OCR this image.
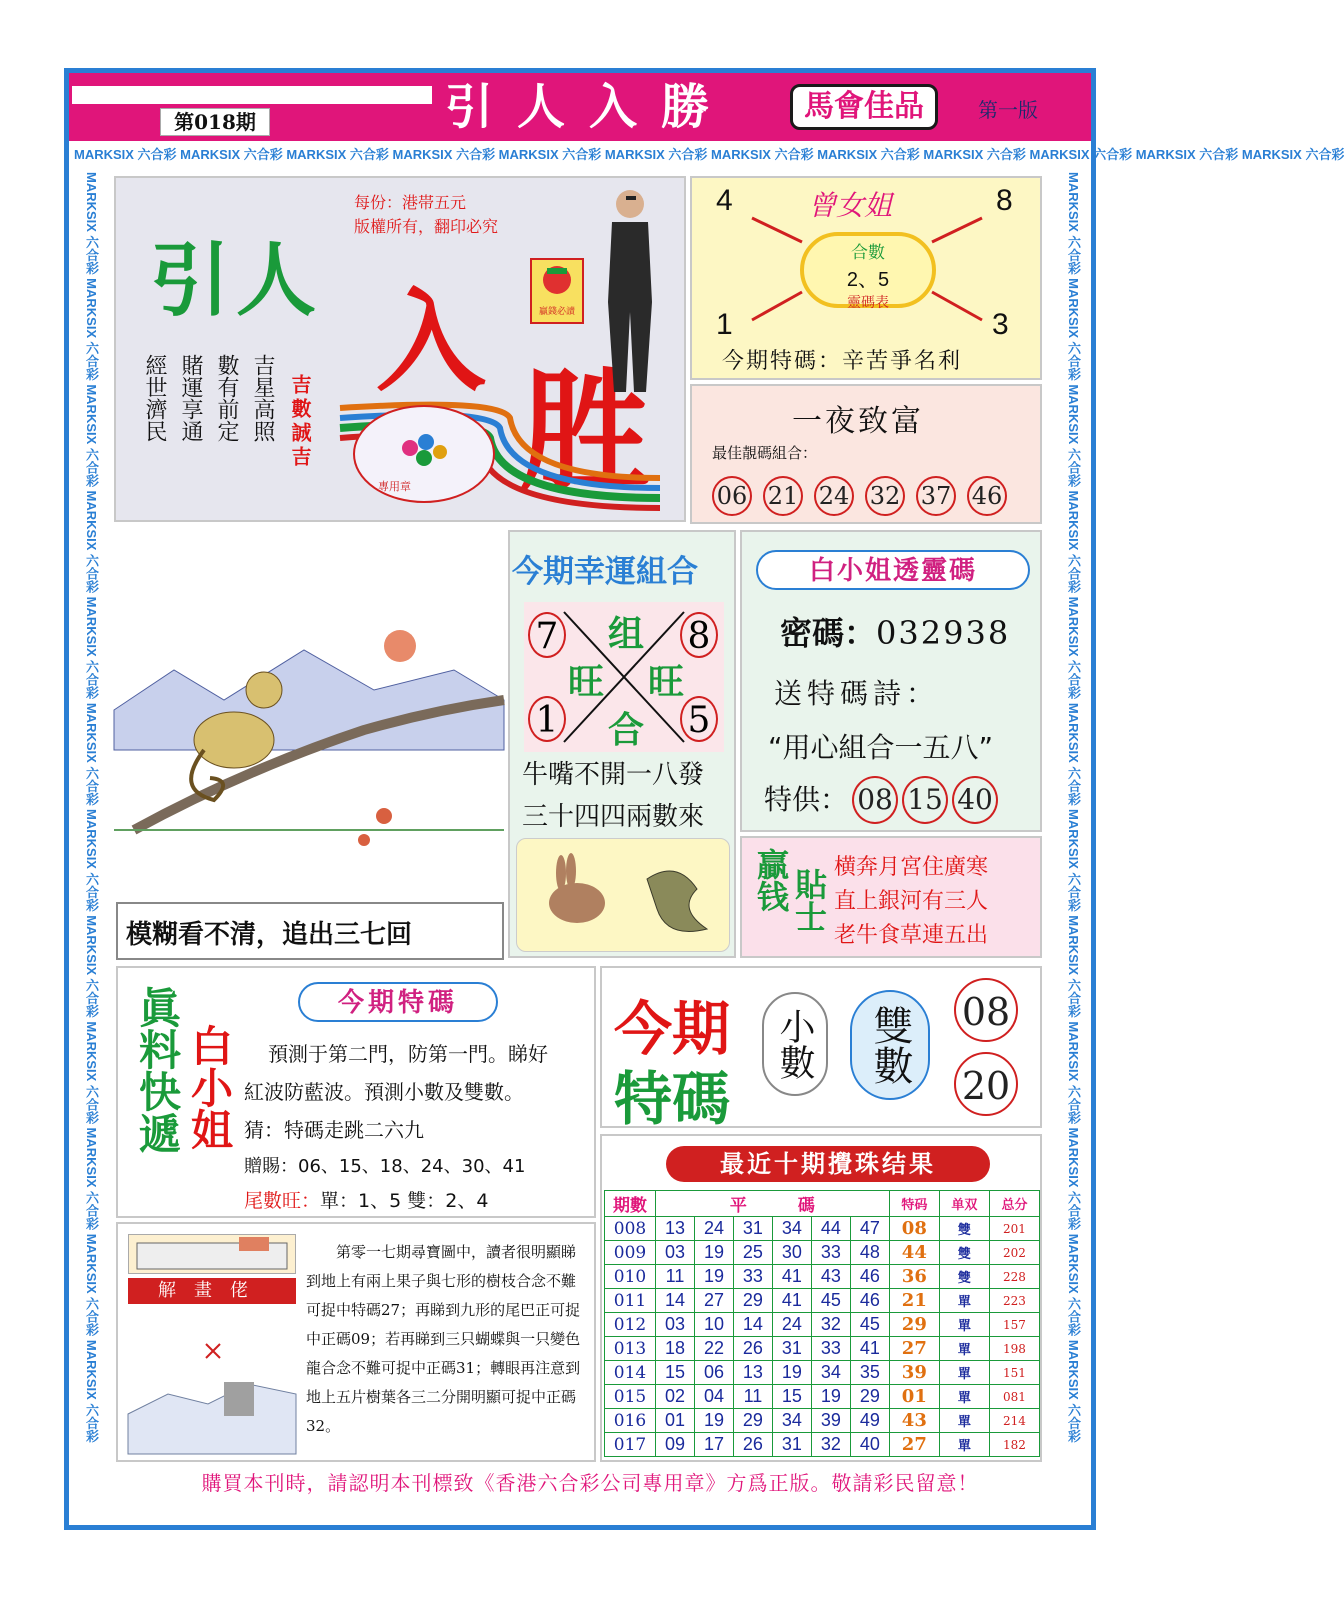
第018期	引人入勝	馬會佳品	第一版
MARKSIX 六合彩 MARKSIX 六合彩 MARKSIX 六合彩 MARKSIX 六合彩 MARKSIX 六合彩 MARKSIX 六合彩 MARKSIX 六合彩 MARKSIX 六合彩 MARKSIX 六合彩 MARKSIX 六合彩 MARKSIX 六合彩 MARKSIX 六合彩
MARKSIX 六合彩 MARKSIX 六合彩 MARKSIX 六合彩 MARKSIX 六合彩 MARKSIX 六合彩 MARKSIX 六合彩 MARKSIX 六合彩 MARKSIX 六合彩 MARKSIX 六合彩 MARKSIX 六合彩 MARKSIX 六合彩 MARKSIX 六合彩	MARKSIX 六合彩 MARKSIX 六合彩 MARKSIX 六合彩 MARKSIX 六合彩 MARKSIX 六合彩 MARKSIX 六合彩 MARKSIX 六合彩 MARKSIX 六合彩 MARKSIX 六合彩 MARKSIX 六合彩 MARKSIX 六合彩 MARKSIX 六合彩
每份：港帯五元
版權所有，翻印必究
引人 入
胜
贏錢必讀
經世濟民 賭運享通 數有前定 吉星高照 吉數誠吉
專用章
曾女姐
4	8
1	3
合數
2、5
靈碼表
今期特碼：辛苦爭名利
一夜致富
最佳靚碼組合：
06 21 24 32 37 46
模糊看不清，追出三七回
今期幸運組合
7	8
1	5
组
旺 旺
合
牛嘴不開一八發
三十四四兩數來
白小姐透靈碼
密碼：032938
送特碼詩：
“用心組合一五八”
特供： 08 15 40
贏钱 貼士
横奔月宮住廣寒
直上銀河有三人
老牛食草連五出
眞料快遞 白小姐
今期特碼
預測于第二門，防第一門。睇好
紅波防藍波。預測小數及雙數。
猜：特碼走跳二六九
贈賜：06、15、18、24、30、41
尾數旺：單：1、5 雙：2、4
今期
特碼
小數	雙數	08
20
最近十期攪珠结果
期數	平　　　碼						特码	单双	总分
008	13	24	31	34	44	47	08	雙	201
009	03	19	25	30	33	48	44	雙	202
010	11	19	33	41	43	46	36	雙	228
011	14	27	29	41	45	46	21	單	223
012	03	10	14	24	32	45	29	單	157
013	18	22	26	31	33	41	27	單	198
014	15	06	13	19	34	35	39	單	151
015	02	04	11	15	19	29	01	單	081
016	01	19	29	34	39	49	43	單	214
017	09	17	26	31	32	40	27	單	182
解畫佬
第零一七期尋寶圖中，讀者很明顯睇到地上有兩上果子與七形的樹枝合念不難可捉中特碼27；再睇到九形的尾巴正可捉中正碼09；若再睇到三只蝴蝶與一只變色龍合念不難可捉中正碼31；轉眼再注意到地上五片樹葉各三二分開明顯可捉中正碼32。
購買本刊時，請認明本刊標致《香港六合彩公司專用章》方爲正版。敬請彩民留意！
